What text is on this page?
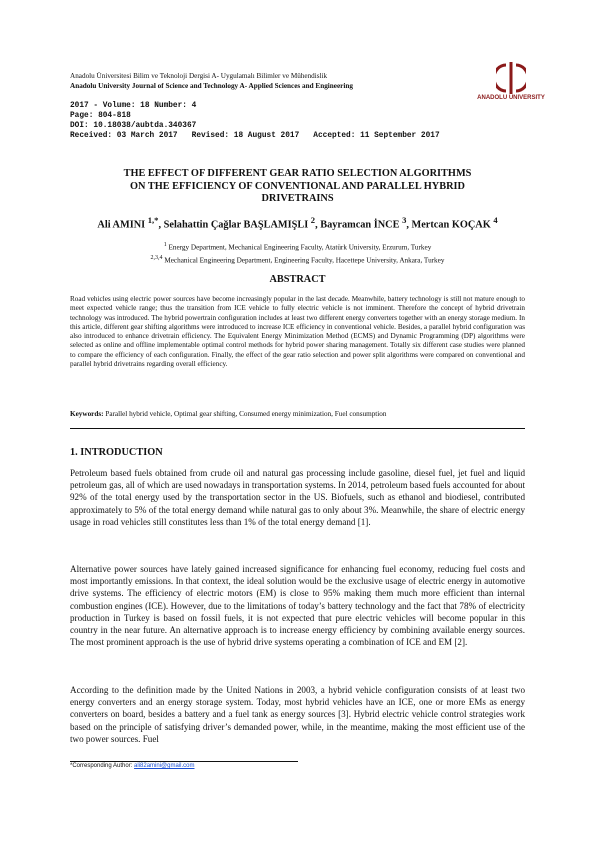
Anadolu Üniversitesi Bilim ve Teknoloji Dergisi A- Uygulamalı Bilimler ve Mühendislik
Anadolu University Journal of Science and Technology A- Applied Sciences and Engineering
ANADOLU UNIVERSITY
2017 - Volume: 18 Number: 4
Page: 804-818
DOI: 10.18038/aubtda.340367
Received: 03 March 2017   Revised: 18 August 2017   Accepted: 11 September 2017
THE EFFECT OF DIFFERENT GEAR RATIO SELECTION ALGORITHMS
ON THE EFFICIENCY OF CONVENTIONAL AND PARALLEL HYBRID
DRIVETRAINS
Ali AMINI $^{1,*}$, Selahattin Çağlar BAŞLAMIŞLI $^2$, Bayramcan İNCE $^3$, Mertcan KOÇAK $^4$
$^1$ Energy Department, Mechanical Engineering Faculty, Atatürk University, Erzurum, Turkey
$^{2,3,4}$ Mechanical Engineering Department, Engineering Faculty, Hacettepe University, Ankara, Turkey
ABSTRACT
Road vehicles using electric power sources have become increasingly popular in the last decade. Meanwhile, battery technology is still not mature enough to meet expected vehicle range; thus the transition from ICE vehicle to fully electric vehicle is not imminent. Therefore the concept of hybrid drivetrain technology was introduced. The hybrid powertrain configuration includes at least two different energy converters together with an energy storage medium. In this article, different gear shifting algorithms were introduced to increase ICE efficiency in conventional vehicle. Besides, a parallel hybrid configuration was also introduced to enhance drivetrain efficiency. The Equivalent Energy Minimization Method (ECMS) and Dynamic Programming (DP) algorithms were selected as online and offline implementable optimal control methods for hybrid power sharing management. Totally six different case studies were planned to compare the efficiency of each configuration. Finally, the effect of the gear ratio selection and power split algorithms were compared on conventional and parallel hybrid drivetrains regarding overall efficiency.
Keywords: Parallel hybrid vehicle, Optimal gear shifting, Consumed energy minimization, Fuel consumption
1. INTRODUCTION
Petroleum based fuels obtained from crude oil and natural gas processing include gasoline, diesel fuel, jet fuel and liquid petroleum gas, all of which are used nowadays in transportation systems. In 2014, petroleum based fuels accounted for about 92% of the total energy used by the transportation sector in the US. Biofuels, such as ethanol and biodiesel, contributed approximately to 5% of the total energy demand while natural gas to only about 3%. Meanwhile, the share of electric energy usage in road vehicles still constitutes less than 1% of the total energy demand [1].
Alternative power sources have lately gained increased significance for enhancing fuel economy, reducing fuel costs and most importantly emissions. In that context, the ideal solution would be the exclusive usage of electric energy in automotive drive systems. The efficiency of electric motors (EM) is close to 95% making them much more efficient than internal combustion engines (ICE). However, due to the limitations of today’s battery technology and the fact that 78% of electricity production in Turkey is based on fossil fuels, it is not expected that pure electric vehicles will become popular in this country in the near future. An alternative approach is to increase energy efficiency by combining available energy sources. The most prominent approach is the use of hybrid drive systems operating a combination of ICE and EM [2].
According to the definition made by the United Nations in 2003, a hybrid vehicle configuration consists of at least two energy converters and an energy storage system. Today, most hybrid vehicles have an ICE, one or more EMs as energy converters on board, besides a battery and a fuel tank as energy sources [3]. Hybrid electric vehicle control strategies work based on the principle of satisfying driver’s demanded power, while, in the meantime, making the most efficient use of the two power sources. Fuel
*Corresponding Author: ali82amini@gmail.com
